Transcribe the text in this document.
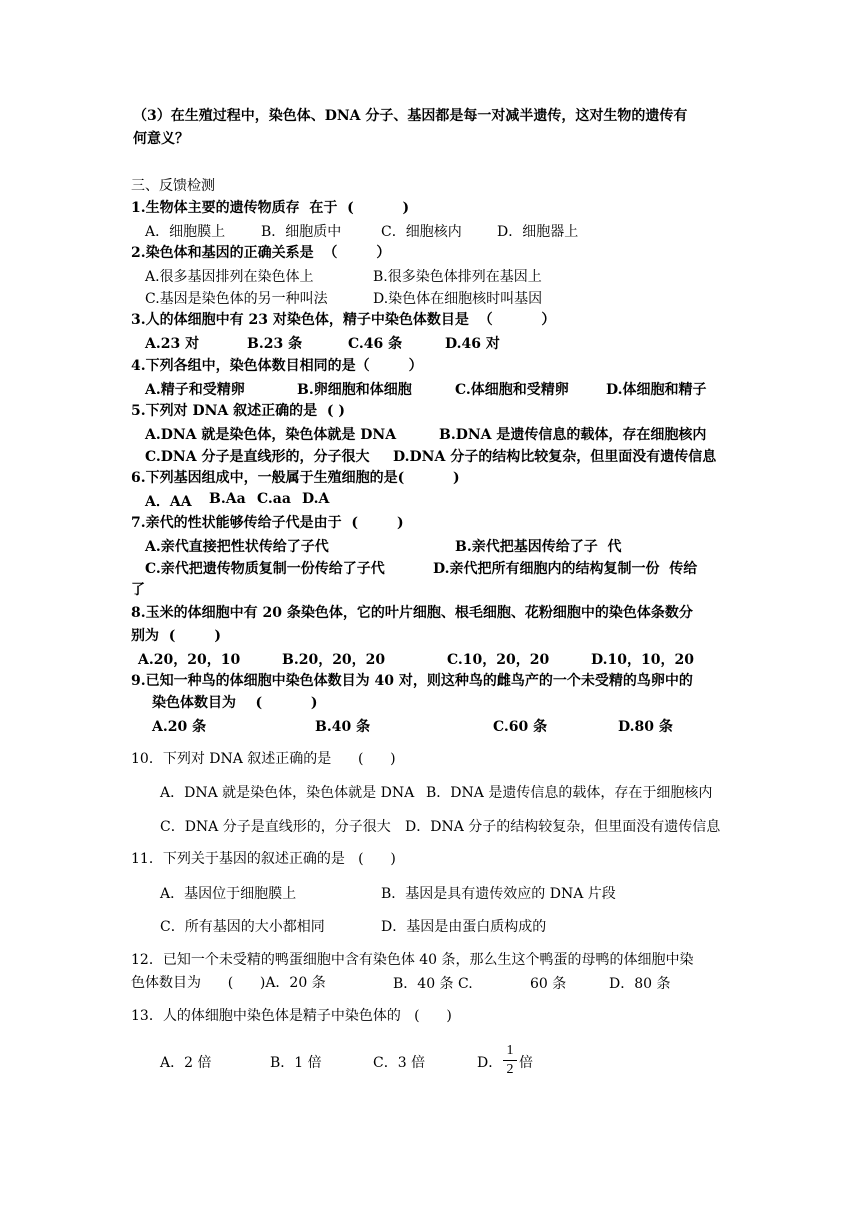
（3）在生殖过程中，染色体、DNA 分子、基因都是每一对减半遗传，这对生物的遗传有
何意义？
三、反馈检测
1.生物体主要的遗传物质存  在于  (          )
A．细胞膜上	B．细胞质中	C．细胞核内	D．细胞器上
2.染色体和基因的正确关系是  （        ）
A.很多基因排列在染色体上	B.很多染色体排列在基因上
C.基因是染色体的另一种叫法	D.染色体在细胞核时叫基因
3.人的体细胞中有 23 对染色体，精子中染色体数目是  （          ）
A.23 对	B.23 条	C.46 条	D.46 对
4.下列各组中，染色体数目相同的是（        ）
A.精子和受精卵	B.卵细胞和体细胞	C.体细胞和受精卵	D.体细胞和精子
5.下列对 DNA 叙述正确的是  ( )
A.DNA 就是染色体，染色体就是 DNA	B.DNA 是遗传信息的载体，存在细胞核内
C.DNA 分子是直线形的，分子很大 D.DNA 分子的结构比较复杂，但里面没有遗传信息
6.下列基因组成中，一般属于生殖细胞的是(          )
A．AA B.Aa C.aa D.A
7.亲代的性状能够传给子代是由于  (        )
A.亲代直接把性状传给了子代	B.亲代把基因传给了子  代
C.亲代把遗传物质复制一份传给了子代	D.亲代把所有细胞内的结构复制一份  传给
了
8.玉米的体细胞中有 20 条染色体，它的叶片细胞、根毛细胞、花粉细胞中的染色体条数分
别为  (        )
A.20，20，10	B.20，20，20	C.10，20，20	D.10，10，20
9.已知一种鸟的体细胞中染色体数目为 40 对，则这种鸟的雌鸟产的一个未受精的鸟卵中的
染色体数目为    (          )
A.20 条	B.40 条	C.60 条	D.80 条
10．下列对 DNA 叙述正确的是      (      )
A．DNA 就是染色体，染色体就是 DNA B．DNA 是遗传信息的载体，存在于细胞核内
C．DNA 分子是直线形的，分子很大 D．DNA 分子的结构较复杂，但里面没有遗传信息
11．下列关于基因的叙述正确的是   (      )
A．基因位于细胞膜上	B．基因是具有遗传效应的 DNA 片段
C．所有基因的大小都相同	D．基因是由蛋白质构成的
12．已知一个未受精的鸭蛋细胞中含有染色体 40 条，那么生这个鸭蛋的母鸭的体细胞中染
色体数目为      (      )A．20 条	B．40 条 C.	60 条	D．80 条
13．人的体细胞中染色体是精子中染色体的   (      )
A．2 倍	B．1 倍	C．3 倍	D．
1
2 倍
